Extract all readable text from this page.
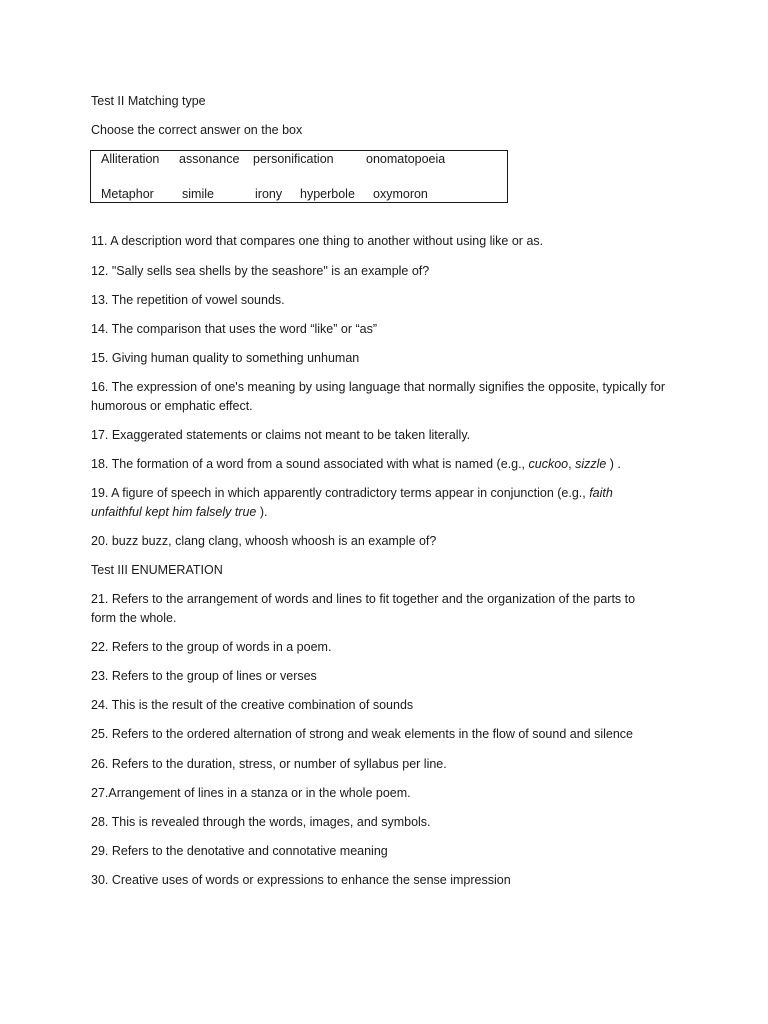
Test II Matching type
Choose the correct answer on the box
Alliteration assonance personification	onomatopoeia
Metaphor simile	irony hyperbole oxymoron
11. A description word that compares one thing to another without using like or as.
12. "Sally sells sea shells by the seashore" is an example of?
13. The repetition of vowel sounds.
14. The comparison that uses the word “like” or “as”
15. Giving human quality to something unhuman
16. The expression of one's meaning by using language that normally signifies the opposite, typically for
humorous or emphatic effect.
17. Exaggerated statements or claims not meant to be taken literally.
18. The formation of a word from a sound associated with what is named (e.g., cuckoo, sizzle ) .
19. A figure of speech in which apparently contradictory terms appear in conjunction (e.g., faith
unfaithful kept him falsely true ).
20. buzz buzz, clang clang, whoosh whoosh is an example of?
Test III ENUMERATION
21. Refers to the arrangement of words and lines to fit together and the organization of the parts to
form the whole.
22. Refers to the group of words in a poem.
23. Refers to the group of lines or verses
24. This is the result of the creative combination of sounds
25. Refers to the ordered alternation of strong and weak elements in the flow of sound and silence
26. Refers to the duration, stress, or number of syllabus per line.
27.Arrangement of lines in a stanza or in the whole poem.
28. This is revealed through the words, images, and symbols.
29. Refers to the denotative and connotative meaning
30. Creative uses of words or expressions to enhance the sense impression
